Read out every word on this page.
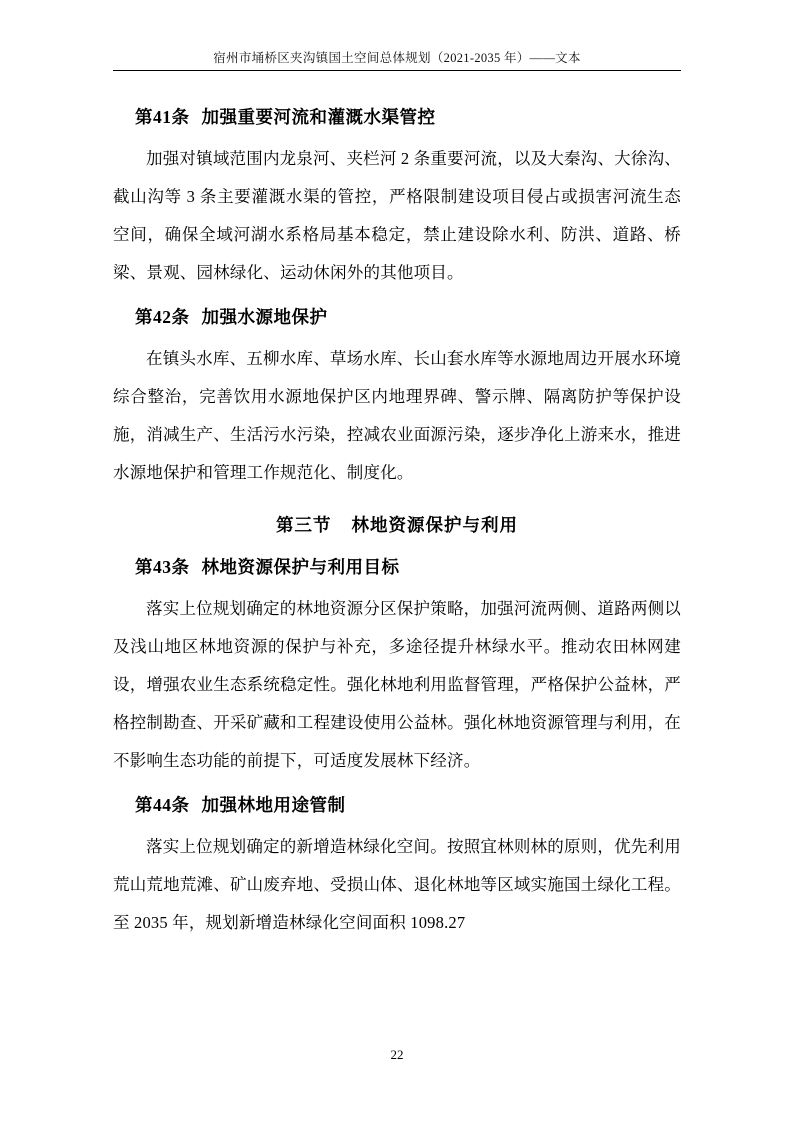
宿州市埇桥区夹沟镇国土空间总体规划（2021-2035 年）——文本
第41条 加强重要河流和灌溉水渠管控

加强对镇域范围内龙泉河、夹栏河 2 条重要河流，以及大秦沟、大徐沟、截山沟等 3 条主要灌溉水渠的管控，严格限制建设项目侵占或损害河流生态空间，确保全域河湖水系格局基本稳定，禁止建设除水利、防洪、道路、桥梁、景观、园林绿化、运动休闲外的其他项目。

第42条 加强水源地保护

在镇头水库、五柳水库、草场水库、长山套水库等水源地周边开展水环境综合整治，完善饮用水源地保护区内地理界碑、警示牌、隔离防护等保护设施，消减生产、生活污水污染，控减农业面源污染，逐步净化上游来水，推进水源地保护和管理工作规范化、制度化。

第三节 林地资源保护与利用
第43条 林地资源保护与利用目标

落实上位规划确定的林地资源分区保护策略，加强河流两侧、道路两侧以及浅山地区林地资源的保护与补充，多途径提升林绿水平。推动农田林网建设，增强农业生态系统稳定性。强化林地利用监督管理，严格保护公益林，严格控制勘查、开采矿藏和工程建设使用公益林。强化林地资源管理与利用，在不影响生态功能的前提下，可适度发展林下经济。

第44条 加强林地用途管制

落实上位规划确定的新增造林绿化空间。按照宜林则林的原则，优先利用荒山荒地荒滩、矿山废弃地、受损山体、退化林地等区域实施国土绿化工程。至 2035 年，规划新增造林绿化空间面积 1098.27

22
